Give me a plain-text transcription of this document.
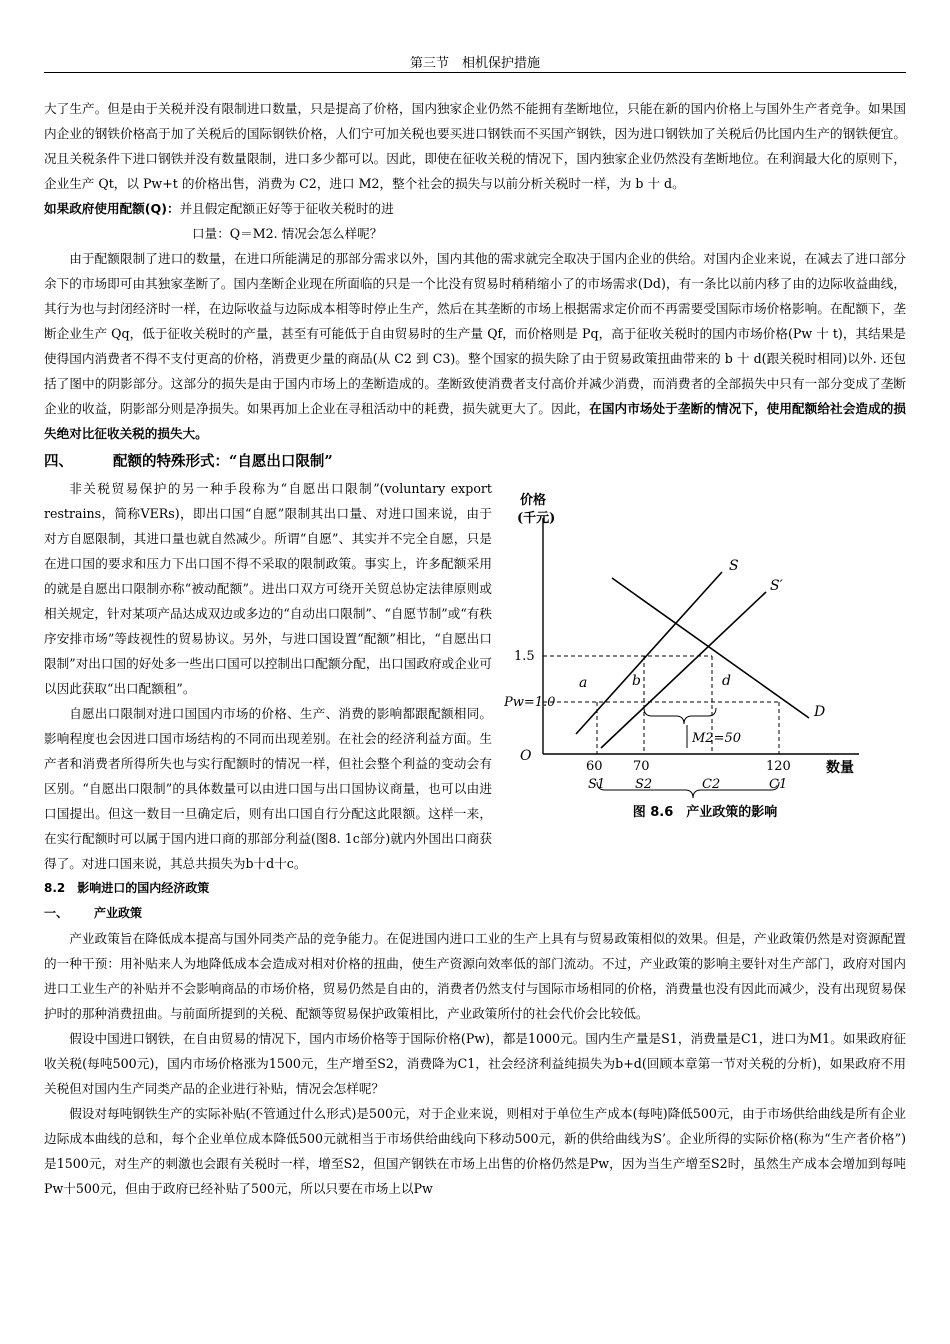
第三节　相机保护措施

大了生产。但是由于关税并没有限制进口数量，只是提高了价格，国内独家企业仍然不能拥有垄断地位，只能在新的国内价格上与国外生产者竞争。如果国内企业的钢铁价格高于加了关税后的国际钢铁价格，人们宁可加关税也要买进口钢铁而不买国产钢铁，因为进口钢铁加了关税后仍比国内生产的钢铁便宜。况且关税条件下进口钢铁并没有数量限制，进口多少都可以。因此，即使在征收关税的情况下，国内独家企业仍然没有垄断地位。在利润最大化的原则下，企业生产 Qt，以 Pw+t 的价格出售，消费为 C2，进口 M2，整个社会的损失与以前分析关税时一样，为 b 十 d。

如果政府使用配额(Q)：并且假定配额正好等于征收关税时的进

口量：Q＝M2. 情况会怎么样呢？

由于配额限制了进口的数量，在进口所能满足的那部分需求以外，国内其他的需求就完全取决于国内企业的供给。对国内企业来说，在减去了进口部分余下的市场即可由其独家垄断了。国内垄断企业现在所面临的只是一个比没有贸易时稍稍缩小了的市场需求(Dd)，有一条比以前内移了由的边际收益曲线，其行为也与封闭经济时一样，在边际收益与边际成本相等时停止生产，然后在其垄断的市场上根据需求定价而不再需要受国际市场价格影响。在配额下，垄断企业生产 Qq，低于征收关税时的产量，甚至有可能低于自由贸易时的生产量 Qf，而价格则是 Pq，高于征收关税时的国内市场价格(Pw 十 t)，其结果是使得国内消费者不得不支付更高的价格，消费更少量的商品(从 C2 到 C3)。整个国家的损失除了由于贸易政策扭曲带来的 b 十 d(跟关税时相同)以外. 还包括了图中的阴影部分。这部分的损失是由于国内市场上的垄断造成的。垄断致使消费者支付高价并减少消费，而消费者的全部损失中只有一部分变成了垄断企业的收益，阴影部分则是净损失。如果再加上企业在寻租活动中的耗费，损失就更大了。因此，在国内市场处于垄断的情况下，使用配额给社会造成的损失绝对比征收关税的损失大。

四、	配额的特殊形式：“自愿出口限制”
价格
(千元)
O
数量
S
S′
D
a	b	d
M2=50
1.5
Pw=1.0
60 70	120
S1 S2	C2	C1
图 8.6　产业政策的影响

非关税贸易保护的另一种手段称为“自愿出口限制”(voluntary export restrains，简称VERs)，即出口国“自愿”限制其出口量、对进口国来说，由于对方自愿限制，其进口量也就自然减少。所谓“自愿”、其实并不完全自愿，只是在进口国的要求和压力下出口国不得不采取的限制政策。事实上，许多配额采用的就是自愿出口限制亦称“被动配额”。进出口双方可绕开关贸总协定法律原则或相关规定，针对某项产品达成双边或多边的“自动出口限制”、“自愿节制”或“有秩序安排市场”等歧视性的贸易协议。另外，与进口国设置“配额”相比，“自愿出口限制”对出口国的好处多一些出口国可以控制出口配额分配，出口国政府或企业可以因此获取“出口配额租”。

自愿出口限制对进口国国内市场的价格、生产、消费的影响都跟配额相同。影响程度也会因进口国市场结构的不同而出现差别。在社会的经济利益方面。生产者和消费者所得所失也与实行配额时的情况一样，但社会整个利益的变动会有区别。“自愿出口限制”的具体数量可以由进口国与出口国协议商量，也可以由进口国提出。但这一数目一旦确定后，则有出口国自行分配这此限额。这样一来，在实行配额时可以属于国内进口商的那部分利益(图8. 1c部分)就内外国出口商获得了。对进口国来说，其总共损失为b十d十c。

8.2　影响进口的国内经济政策
一、 产业政策

产业政策旨在降低成本提高与国外同类产品的竞争能力。在促进国内进口工业的生产上具有与贸易政策相似的效果。但是，产业政策仍然是对资源配置的一种干预：用补贴来人为地降低成本会造成对相对价格的扭曲，使生产资源向效率低的部门流动。不过，产业政策的影响主要针对生产部门，政府对国内进口工业生产的补贴并不会影响商品的市场价格，贸易仍然是自由的，消费者仍然支付与国际市场相同的价格，消费量也没有因此而减少，没有出现贸易保护时的那种消费扭曲。与前面所提到的关税、配额等贸易保护政策相比，产业政策所付的社会代价会比较低。

假设中国进口钢铁，在自由贸易的情况下，国内市场价格等于国际价格(Pw)，都是1000元。国内生产量是S1，消费量是C1，进口为M1。如果政府征收关税(每吨500元)，国内市场价格涨为1500元，生产增至S2，消费降为C1，社会经济利益纯损失为b+d(回顾本章第一节对关税的分析)，如果政府不用关税但对国内生产同类产品的企业进行补贴，情况会怎样呢？

假设对每吨钢铁生产的实际补贴(不管通过什么形式)是500元，对于企业来说，则相对于单位生产成本(每吨)降低500元，由于市场供给曲线是所有企业边际成本曲线的总和，每个企业单位成本降低500元就相当于市场供给曲线向下移动500元，新的供给曲线为S’。企业所得的实际价格(称为“生产者价格”)是1500元，对生产的刺激也会跟有关税时一样，增至S2，但国产钢铁在市场上出售的价格仍然是Pw，因为当生产增至S2时，虽然生产成本会增加到每吨Pw十500元，但由于政府已经补贴了500元，所以只要在市场上以Pw
